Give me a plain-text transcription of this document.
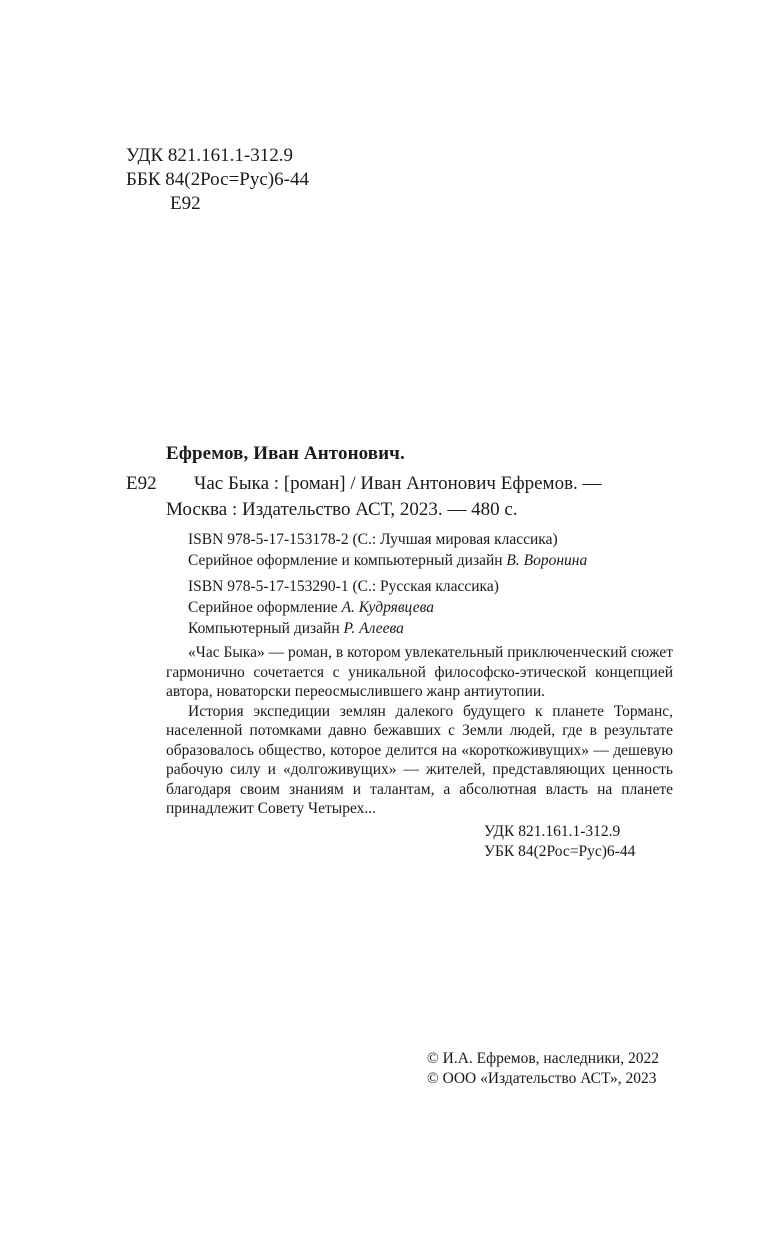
УДК 821.161.1-312.9
ББК 84(2Рос=Рус)6-44
Е92
Ефремов, Иван Антонович.
Е92 Час Быка : [роман] / Иван Антонович Ефремов. —
Москва : Издательство АСТ, 2023. — 480 с.
ISBN 978-5-17-153178-2 (С.: Лучшая мировая классика)
Серийное оформление и компьютерный дизайн В. Воронина
ISBN 978-5-17-153290-1 (С.: Русская классика)
Серийное оформление А. Кудрявцева
Компьютерный дизайн Р. Алеева

«Час Быка» — роман, в котором увлекательный приключенческий сюжет гармонично сочетается с уникальной философско-этической концепцией автора, новаторски переосмыслившего жанр антиутопии.

История экспедиции землян далекого будущего к планете Торманс, населенной потомками давно бежавших с Земли людей, где в результате образовалось общество, которое делится на «короткоживущих» — дешевую рабочую силу и «долгоживущих» — жителей, представляющих ценность благодаря своим знаниям и талантам, а абсолютная власть на планете принадлежит Совету Четырех...

УДК 821.161.1-312.9
УБК 84(2Рос=Рус)6-44
© И.А. Ефремов, наследники, 2022
© ООО «Издательство АСТ», 2023
